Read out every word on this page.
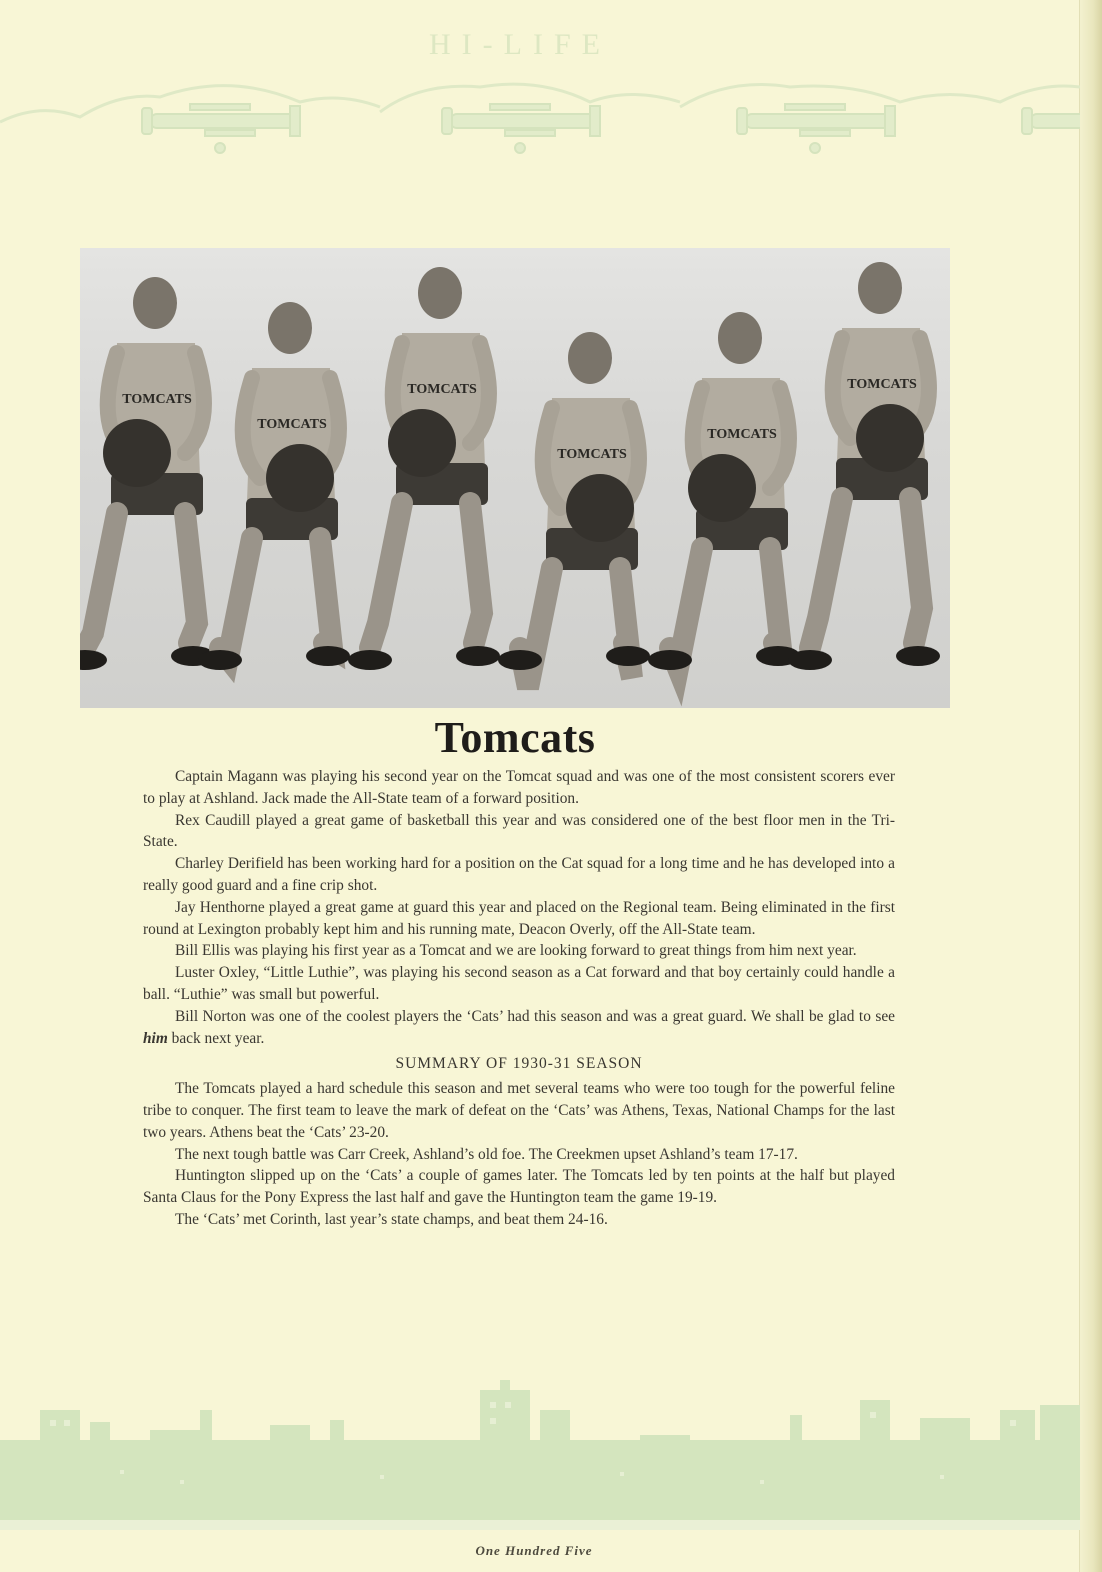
HI-LIFE
TOMCATS
TOMCATS
TOMCATS
TOMCATS
TOMCATS
TOMCATS
Tomcats

Captain Magann was playing his second year on the Tomcat squad and was one of the most consistent scorers ever to play at Ashland. Jack made the All-State team of a forward position.

Rex Caudill played a great game of basketball this year and was considered one of the best floor men in the Tri-State.

Charley Derifield has been working hard for a position on the Cat squad for a long time and he has developed into a really good guard and a fine crip shot.

Jay Henthorne played a great game at guard this year and placed on the Regional team. Being eliminated in the first round at Lexington probably kept him and his running mate, Deacon Overly, off the All-State team.

Bill Ellis was playing his first year as a Tomcat and we are looking forward to great things from him next year.

Luster Oxley, “Little Luthie”, was playing his second season as a Cat forward and that boy certainly could handle a ball. “Luthie” was small but powerful.

Bill Norton was one of the coolest players the ‘Cats’ had this season and was a great guard. We shall be glad to see him back next year.

SUMMARY OF 1930-31 SEASON

The Tomcats played a hard schedule this season and met several teams who were too tough for the powerful feline tribe to conquer. The first team to leave the mark of defeat on the ‘Cats’ was Athens, Texas, National Champs for the last two years. Athens beat the ‘Cats’ 23-20.

The next tough battle was Carr Creek, Ashland’s old foe. The Creekmen upset Ashland’s team 17-17.

Huntington slipped up on the ‘Cats’ a couple of games later. The Tomcats led by ten points at the half but played Santa Claus for the Pony Express the last half and gave the Huntington team the game 19-19.

The ‘Cats’ met Corinth, last year’s state champs, and beat them 24-16.

One Hundred Five
